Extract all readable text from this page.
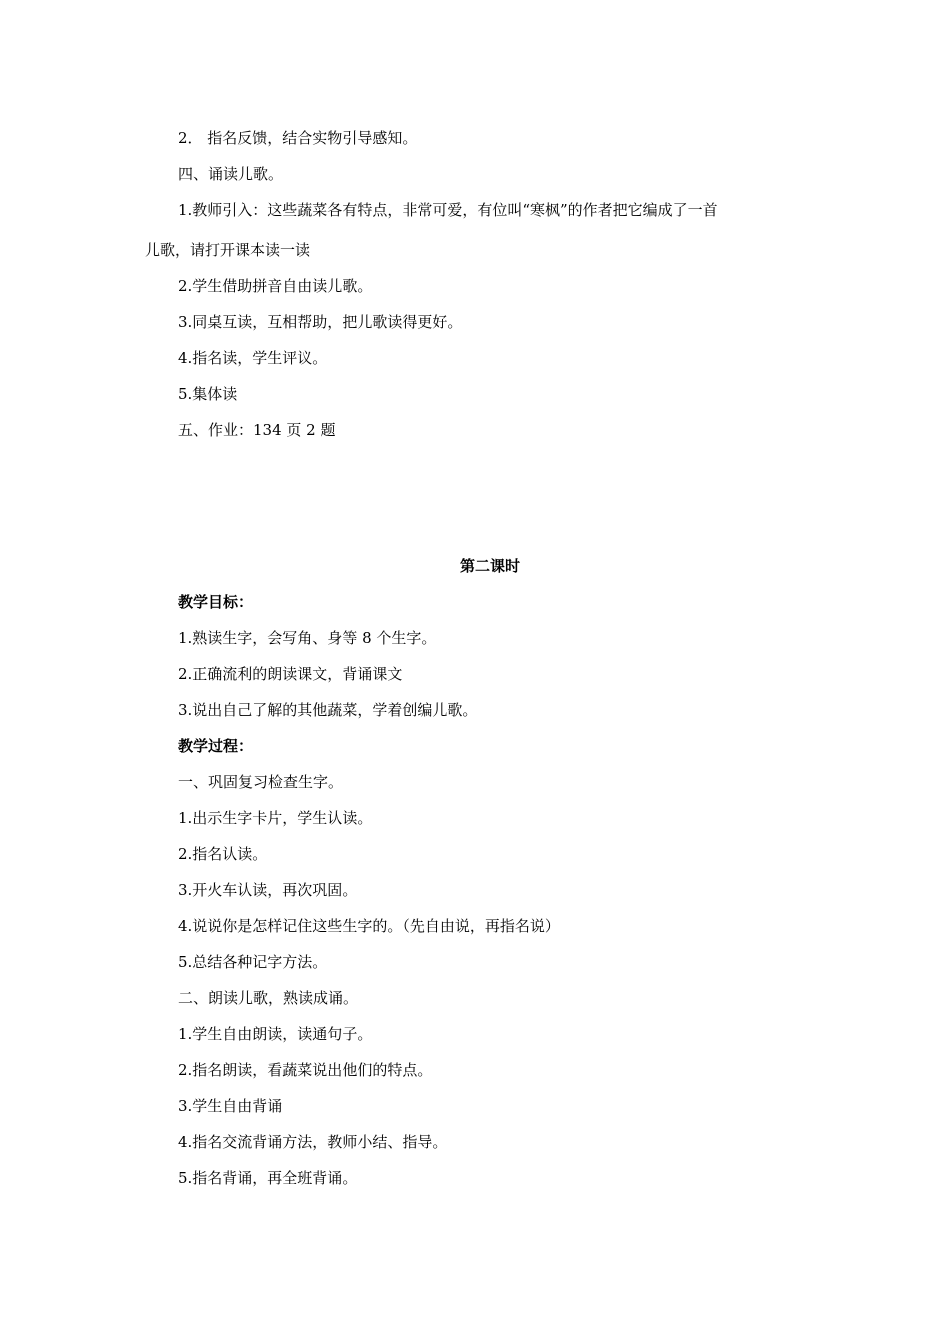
2． 指名反馈，结合实物引导感知。

四、诵读儿歌。

1.教师引入：这些蔬菜各有特点，非常可爱，有位叫“寒枫”的作者把它编成了一首

儿歌，请打开课本读一读

2.学生借助拼音自由读儿歌。

3.同桌互读，互相帮助，把儿歌读得更好。

4.指名读，学生评议。

5.集体读

五、作业：134 页 2 题

第二课时

教学目标：

1.熟读生字，会写角、身等 8 个生字。

2.正确流利的朗读课文，背诵课文

3.说出自己了解的其他蔬菜，学着创编儿歌。

教学过程：

一、巩固复习检查生字。

1.出示生字卡片，学生认读。

2.指名认读。

3.开火车认读，再次巩固。

4.说说你是怎样记住这些生字的。（先自由说，再指名说）

5.总结各种记字方法。

二、朗读儿歌，熟读成诵。

1.学生自由朗读，读通句子。

2.指名朗读，看蔬菜说出他们的特点。

3.学生自由背诵

4.指名交流背诵方法，教师小结、指导。

5.指名背诵，再全班背诵。
